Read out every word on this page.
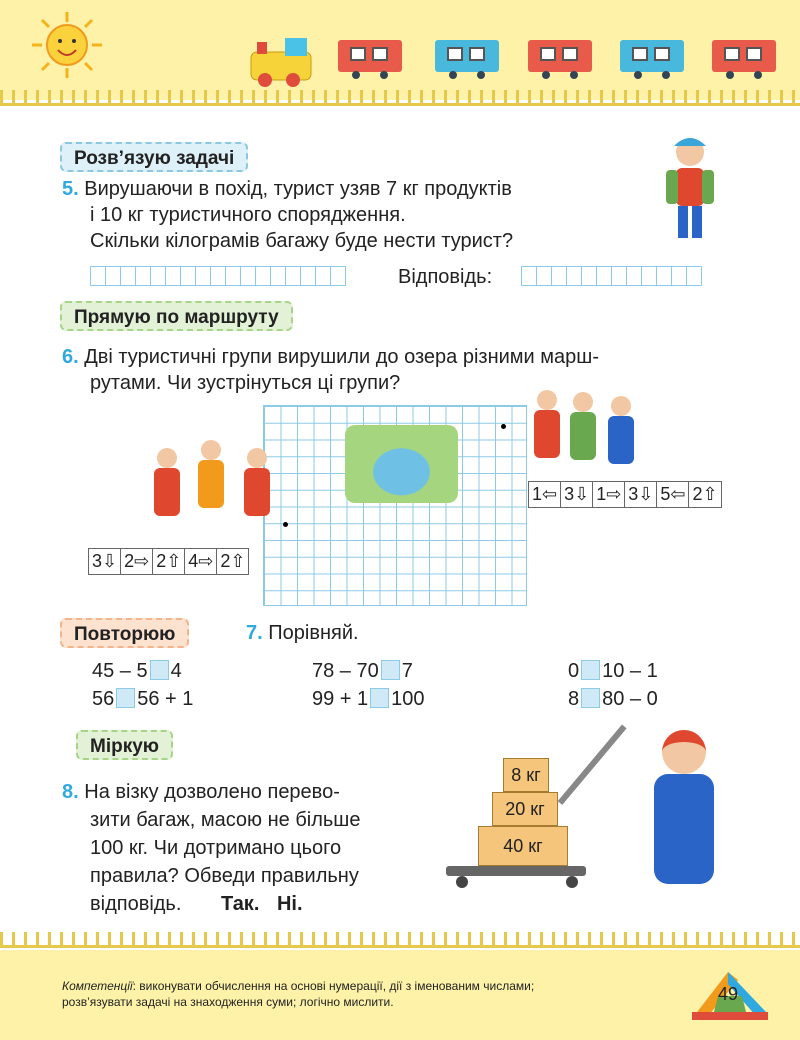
Розв’язую задачі
5. Вирушаючи в похід, турист узяв 7 кг продуктів
і 10 кг туристичного спорядження.
Скільки кілограмів багажу буде нести турист?
Відповідь:
Прямую по маршруту
6. Дві туристичні групи вирушили до озера різними марш-
рутами. Чи зустрінуться ці групи?
1⇦ 3⇩ 1⇨ 3⇩ 5⇦ 2⇧
3⇩ 2⇨ 2⇧ 4⇨ 2⇧
Повторюю	7. Порівняй.
45 – 5 4
56 56 + 1
78 – 70 7
99 + 1 100
0 10 – 1
8 80 – 0
Міркую
8. На візку дозволено перево-
зити багаж, масою не більше
100 кг. Чи дотримано цього
правила? Обведи правильну
відповідь. Так. Ні.
8 кг
20 кг
40 кг
Компетенції: виконувати обчислення на основі нумерації, дії з іменованим числами;
розв’язувати задачі на знаходження суми; логічно мислити.	49
